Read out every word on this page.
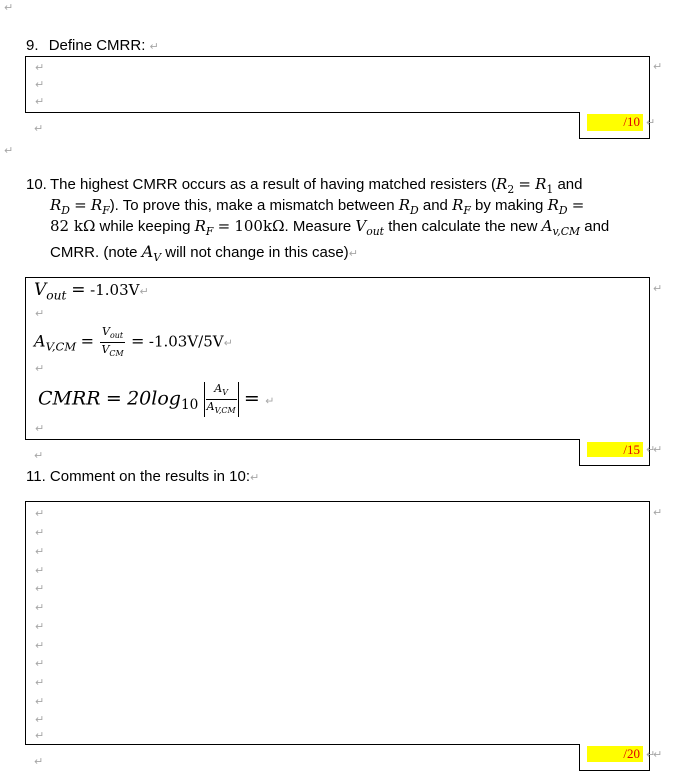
↵
9. Define CMRR: ↵
↵
↵
↵
↵
/10 ↵
↵
↵
10. The highest CMRR occurs as a result of having matched resisters ($R_2 = R_1$ and
$R_D = R_F$). To prove this, make a mismatch between $R_D$ and $R_F$ by making $R_D$ =
82 kΩ while keeping $R_F = 100k\Omega$. Measure $V_{out}$ then calculate the new $A_{v,CM}$ and
CMRR. (note $A_V$ will not change in this case)↵
$V_{out}$ = -1.03V↵
↵
$A_{V,CM} = \frac{V_{out}}{V_{CM}}$ = -1.03V/5V↵
↵
CMRR = $20\log_{10} \frac{A_V}{A_{V,CM}}$ = ↵
↵
↵
/15 ↵
↵
↵
11. Comment on the results in 10:↵
↵
↵
↵
↵
↵
↵
↵
↵
↵
↵
↵
↵
↵
↵
/20 ↵
↵
↵
